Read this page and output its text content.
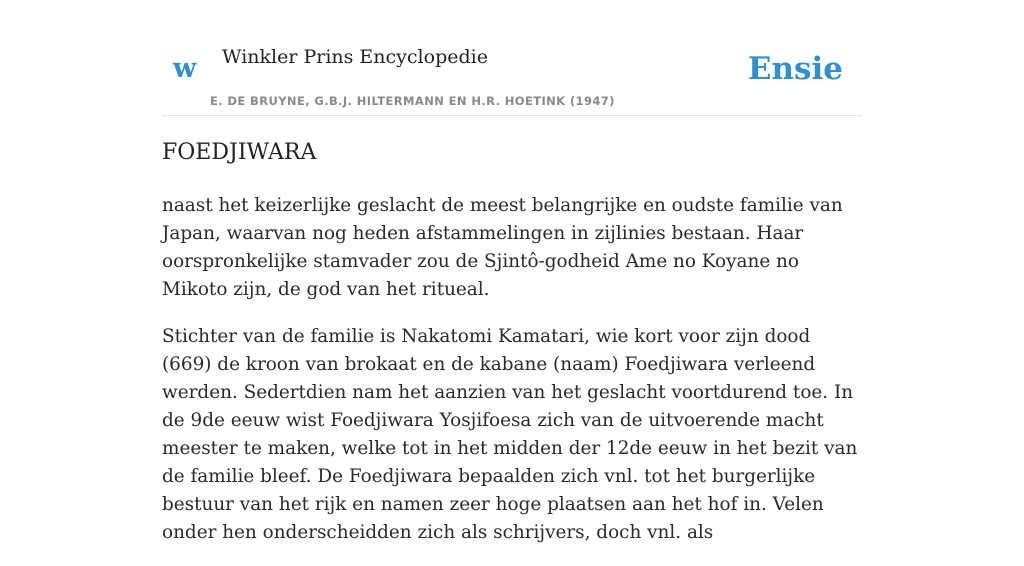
w Winkler Prins Encyclopedie
E. DE BRUYNE, G.B.J. HILTERMANN EN H.R. HOETINK (1947)
Ensie
FOEDJIWARA

naast het keizerlijke geslacht de meest belangrijke en oudste familie van Japan, waarvan nog heden afstammelingen in zijlinies bestaan. Haar oorspronkelijke stamvader zou de Sjintô-godheid Ame no Koyane no Mikoto zijn, de god van het ritueal.

Stichter van de familie is Nakatomi Kamatari, wie kort voor zijn dood (669) de kroon van brokaat en de kabane (naam) Foedjiwara verleend werden. Sedertdien nam het aanzien van het geslacht voortdurend toe. In de 9de eeuw wist Foedjiwara Yosjifoesa zich van de uitvoerende macht meester te maken, welke tot in het midden der 12de eeuw in het bezit van de familie bleef. De Foedjiwara bepaalden zich vnl. tot het burgerlijke bestuur van het rijk en namen zeer hoge plaatsen aan het hof in. Velen onder hen onderscheidden zich als schrijvers, doch vnl. als
